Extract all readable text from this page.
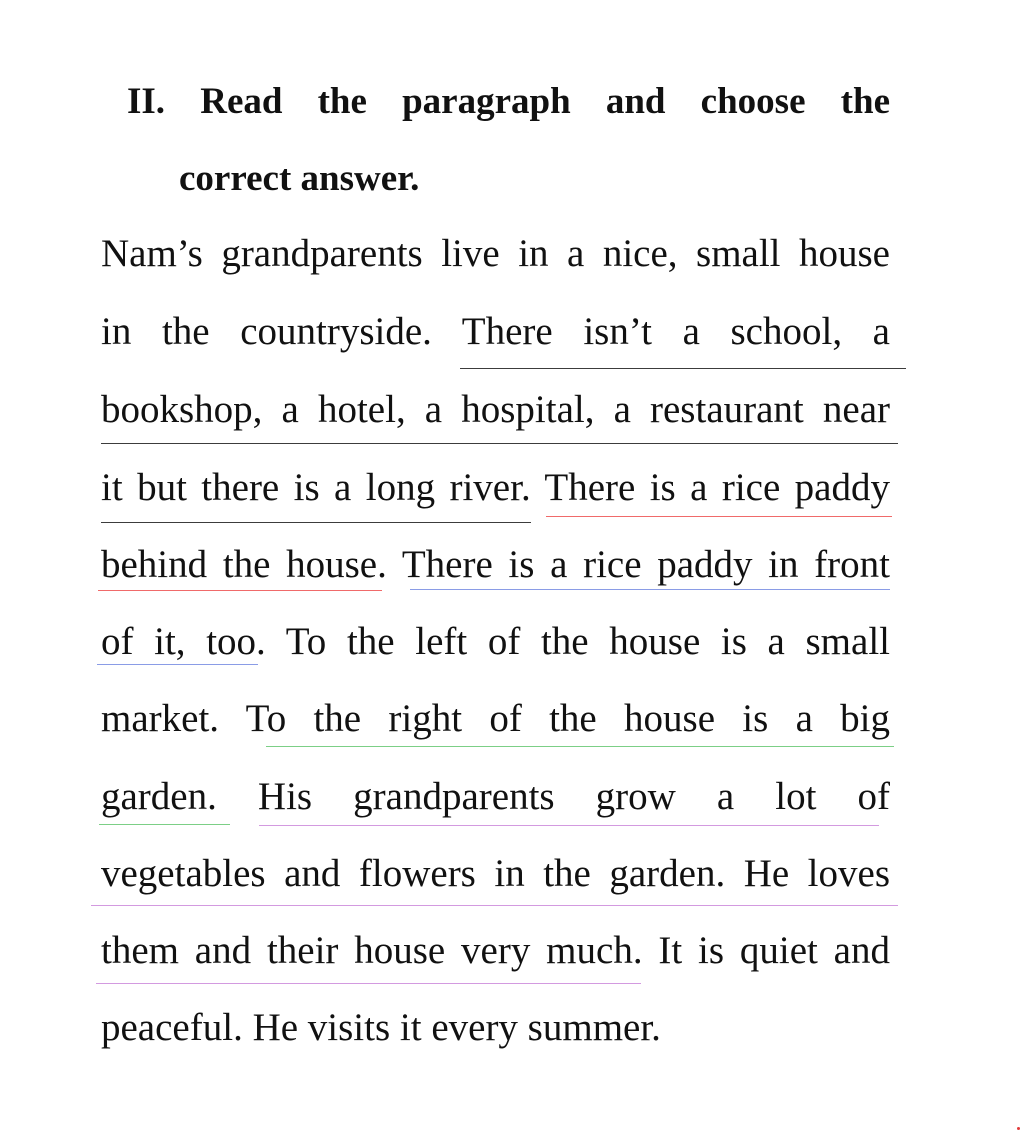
II. Read the paragraph and choose the
correct answer.
Nam’s grandparents live in a nice, small house
in the countryside. There isn’t a school, a
bookshop, a hotel, a hospital, a restaurant near
it but there is a long river. There is a rice paddy
behind the house. There is a rice paddy in front
of it, too. To the left of the house is a small
market. To the right of the house is a big
garden. His grandparents grow a lot of
vegetables and flowers in the garden. He loves
them and their house very much. It is quiet and
peaceful. He visits it every summer.
